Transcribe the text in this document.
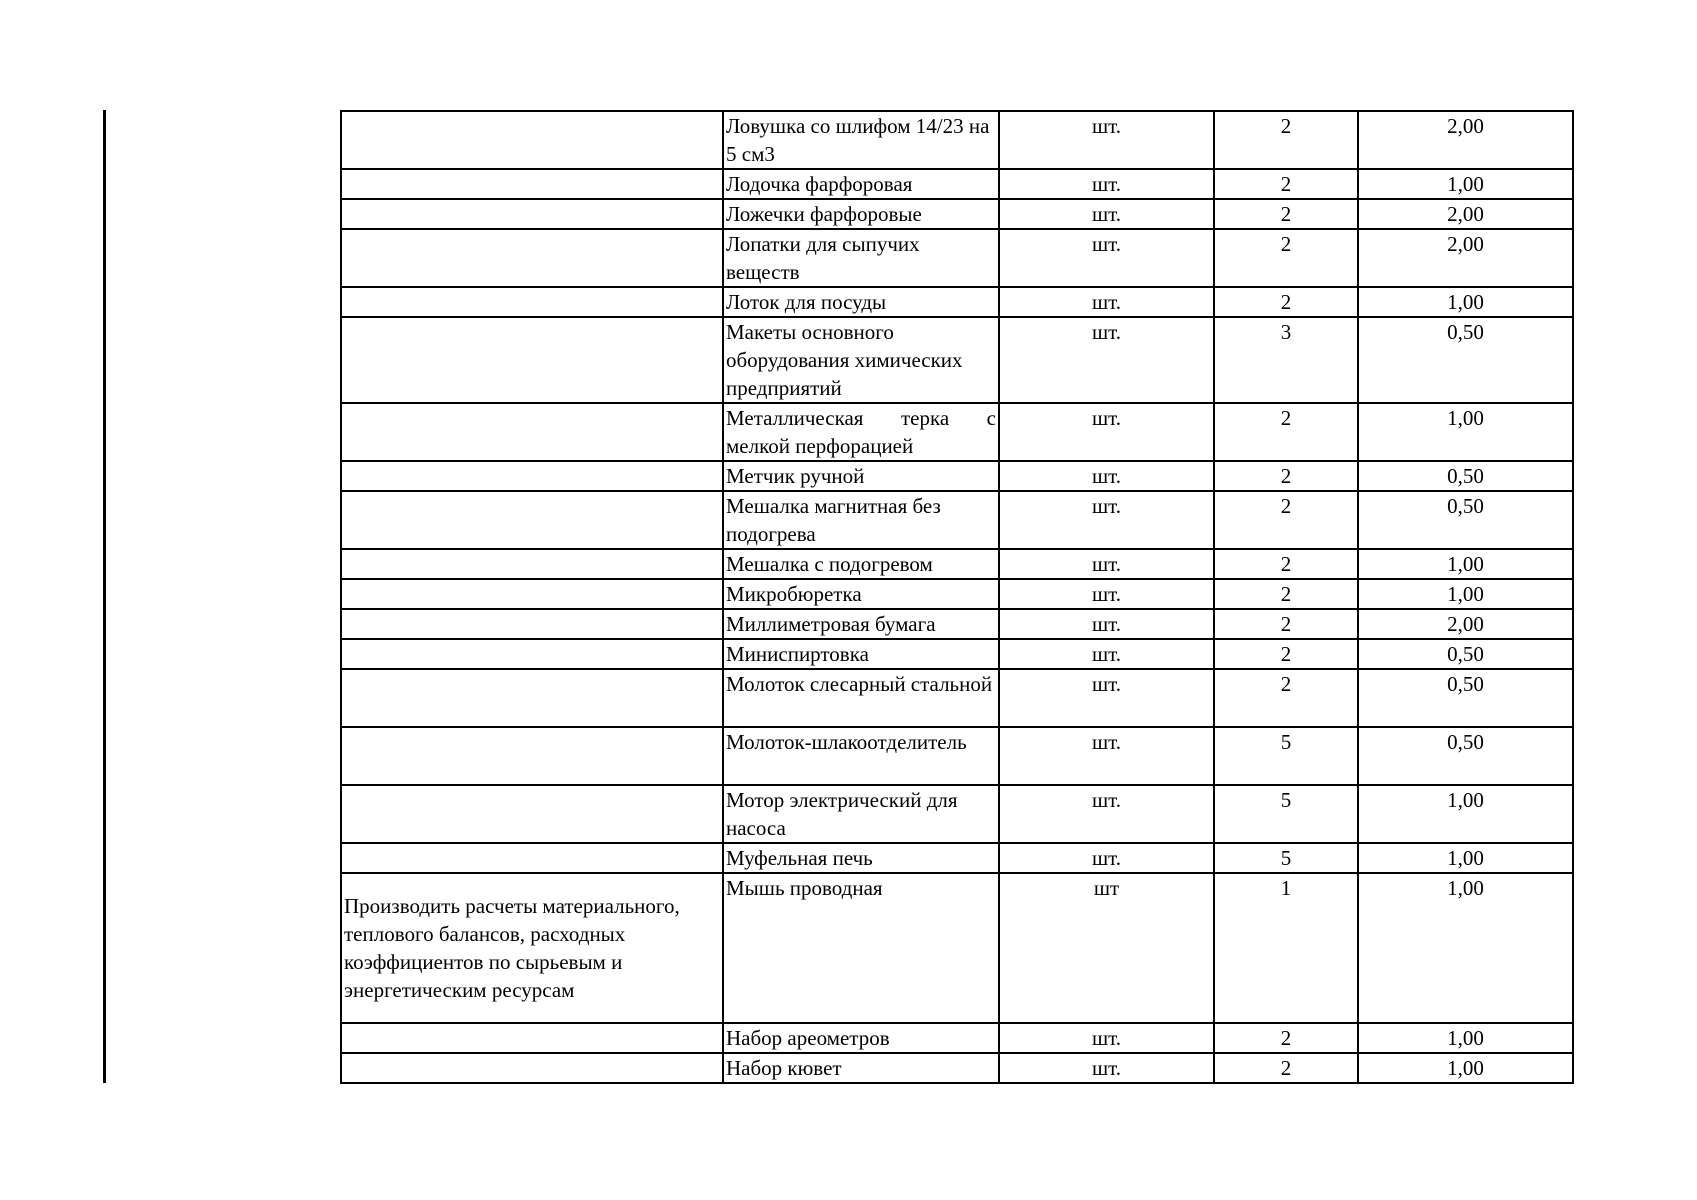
	Ловушка со шлифом 14/23 на 5 см3	шт.	2	2,00
	Лодочка фарфоровая	шт.	2	1,00
	Ложечки фарфоровые	шт.	2	2,00
	Лопатки для сыпучих веществ	шт.	2	2,00
	Лоток для посуды	шт.	2	1,00
	Макеты основного оборудования химических предприятий	шт.	3	0,50
	Металлическая терка с мелкой перфорацией	шт.	2	1,00
	Метчик ручной	шт.	2	0,50
	Мешалка магнитная без подогрева	шт.	2	0,50
	Мешалка с подогревом	шт.	2	1,00
	Микробюретка	шт.	2	1,00
	Миллиметровая бумага	шт.	2	2,00
	Миниспиртовка	шт.	2	0,50
	Молоток слесарный стальной	шт.	2	0,50
	Молоток-шлакоотделитель	шт.	5	0,50
	Мотор электрический для насоса	шт.	5	1,00
	Муфельная печь	шт.	5	1,00
Производить расчеты материального, теплового балансов, расходных коэффициентов по сырьевым и энергетическим ресурсам	Мышь проводная	шт	1	1,00
	Набор ареометров	шт.	2	1,00
	Набор кювет	шт.	2	1,00
